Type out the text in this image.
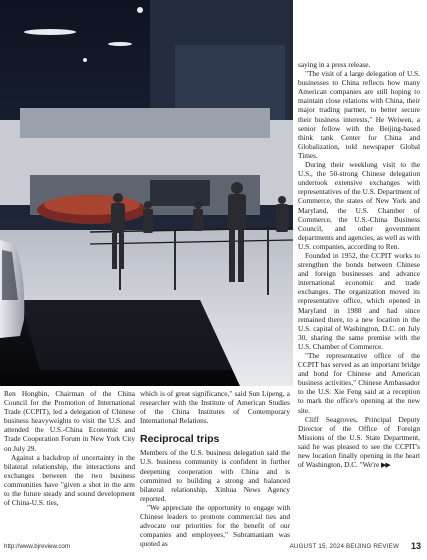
saying in a press release.

"The visit of a large delegation of U.S. businesses to China reflects how many American companies are still hoping to maintain close relations with China, their major trading partner, to better secure their business interests," He Weiwen, a senior fellow with the Beijing-based think tank Center for China and Globalization, told newspaper Global Times.

During their weeklong visit to the U.S., the 50-strong Chinese delegation undertook extensive exchanges with representatives of the U.S. Department of Commerce, the states of New York and Maryland, the U.S. Chamber of Commerce, the U.S.-China Business Council, and other government departments and agencies, as well as with U.S. companies, according to Ren.

Founded in 1952, the CCPIT works to strengthen the bonds between Chinese and foreign businesses and advance international economic and trade exchanges. The organization moved its representative office, which opened in Maryland in 1988 and had since remained there, to a new location in the U.S. capital of Washington, D.C. on July 30, sharing the same premise with the U.S. Chamber of Commerce.

"The representative office of the CCPIT has served as an important bridge and bond for Chinese and American business activities," Chinese Ambassador to the U.S. Xie Feng said at a reception to mark the office's opening at the new site.

Cliff Seagroves, Principal Deputy Director of the Office of Foreign Missions of the U.S. State Department, said he was pleased to see the CCPIT's new location finally opening in the heart of Washington, D.C. "We're ▶▶

Ren Hongbin, Chairman of the China Council for the Promotion of International Trade (CCPIT), led a delegation of Chinese business heavyweights to visit the U.S. and attended the U.S.-China Economic and Trade Cooperation Forum in New York City on July 29.

Against a backdrop of uncertainty in the bilateral relationship, the interactions and exchanges between the two business communities have "given a shot in the arm to the future steady and sound development of China-U.S. ties,

which is of great significance," said Sun Lipeng, a researcher with the Institute of American Studies of the China Institutes of Contemporary International Relations.

Reciprocal trips

Members of the U.S. business delegation said the U.S. business community is confident in further deepening cooperation with China and is committed to building a strong and balanced bilateral relationship, Xinhua News Agency reported.

"We appreciate the opportunity to engage with Chinese leaders to promote commercial ties and advocate our priorities for the benefit of our companies and employees," Subramaniam was quoted as

http://www.bjreview.com	AUGUST 15, 2024 BEIJING REVIEW 13
